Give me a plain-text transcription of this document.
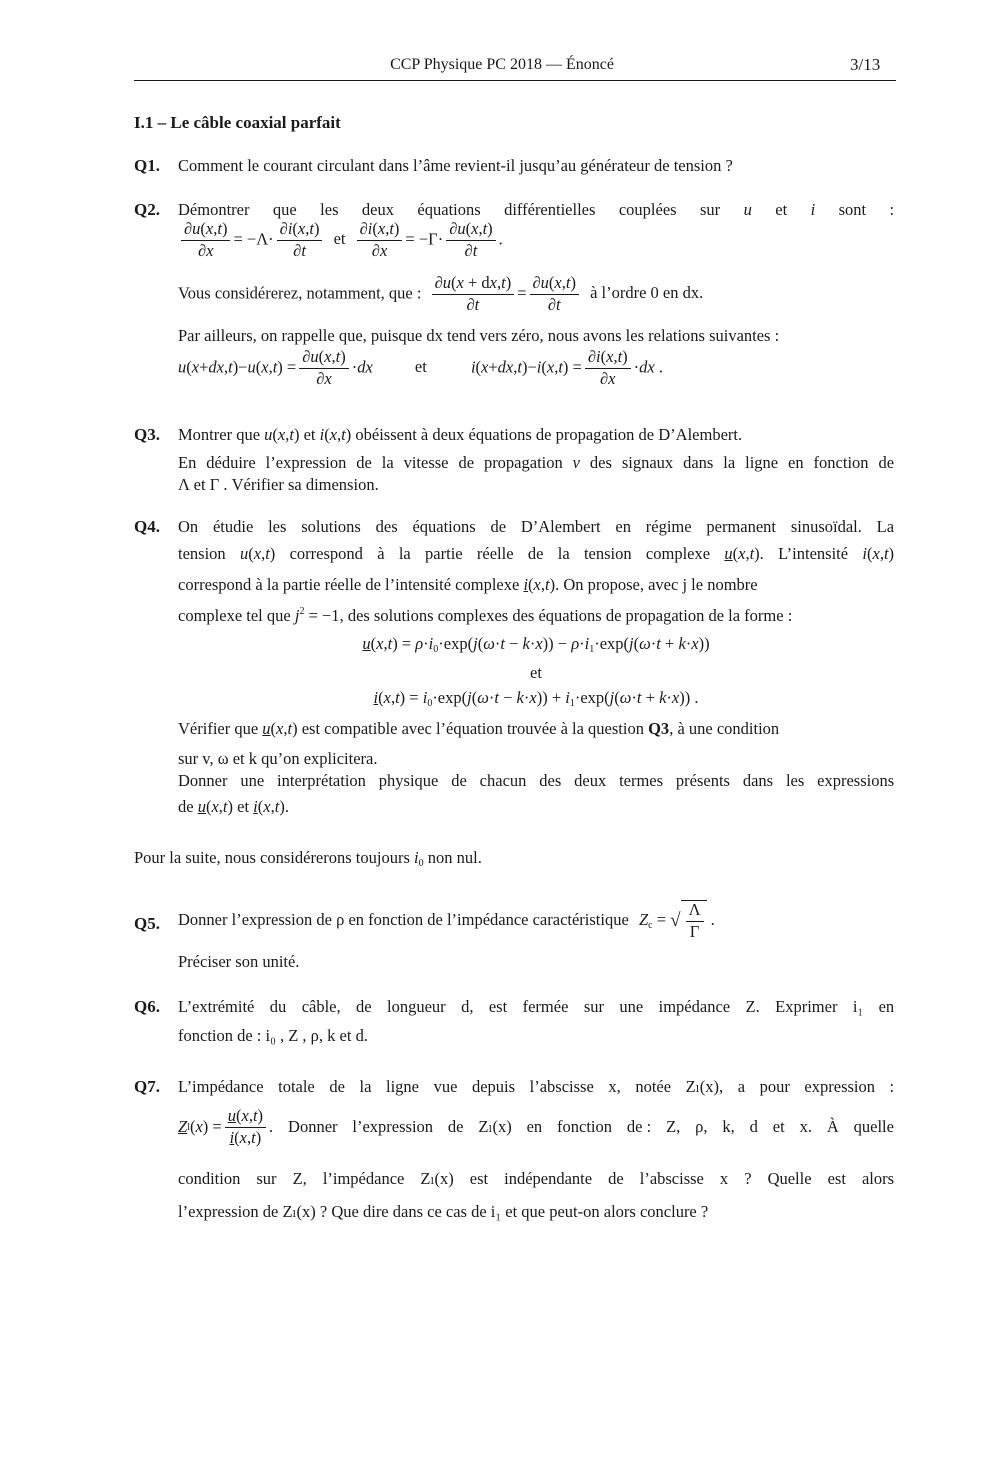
CCP Physique PC 2018 — Énoncé	3/13
I.1 – Le câble coaxial parfait
Q1. Comment le courant circulant dans l’âme revient-il jusqu’au générateur de tension ?
Q2. Démontrer que les deux équations différentielles couplées sur u et i sont :
$\frac{\partial u(x,t)}{\partial x} = -\Lambda\cdot \frac{\partial i(x,t)}{\partial t}$ et $\frac{\partial i(x,t)}{\partial x} = -\Gamma\cdot \frac{\partial u(x,t)}{\partial t}$ .
Vous considérerez, notamment, que : $\frac{\partial u(x + dx,t)}{\partial t} = \frac{\partial u(x,t)}{\partial t}$ à l’ordre 0 en dx.
Par ailleurs, on rappelle que, puisque dx tend vers zéro, nous avons les relations suivantes :
$u(x+dx,t)-u(x,t) = \frac{\partial u(x,t)}{\partial x} \cdot dx$	et	$i(x+dx,t)-i(x,t) = \frac{\partial i(x,t)}{\partial x} \cdot dx$ .
Q3. Montrer que u(x,t) et i(x,t) obéissent à deux équations de propagation de D’Alembert.
En déduire l’expression de la vitesse de propagation v des signaux dans la ligne en fonction de
Λ et Γ . Vérifier sa dimension.
Q4. On étudie les solutions des équations de D’Alembert en régime permanent sinusoïdal. La
tension u(x,t) correspond à la partie réelle de la tension complexe u(x,t). L’intensité i(x,t)
correspond à la partie réelle de l’intensité complexe i(x,t). On propose, avec j le nombre
complexe tel que $j^2 = -1$, des solutions complexes des équations de propagation de la forme :
$u(x,t) = \rho\cdot i_0\cdot\exp(j(\omega\cdot t - k\cdot x)) - \rho\cdot i_1\cdot\exp(j(\omega\cdot t + k\cdot x))$
et
$i(x,t) = i_0\cdot\exp(j(\omega\cdot t - k\cdot x)) + i_1\cdot\exp(j(\omega\cdot t + k\cdot x))$ .
Vérifier que u(x,t) est compatible avec l’équation trouvée à la question Q3, à une condition
sur v, ω et k qu’on explicitera.
Donner une interprétation physique de chacun des deux termes présents dans les expressions
de u(x,t) et i(x,t).
Pour la suite, nous considérerons toujours $i_0$ non nul.
Q5. Donner l’expression de ρ en fonction de l’impédance caractéristique $Z_c$ = √ $\frac{\Lambda}{\Gamma}$ .
Préciser son unité.
Q6. L’extrémité du câble, de longueur d, est fermée sur une impédance Z. Exprimer i₁ en
fonction de : i₀ , Z , ρ, k et d.
Q7. L’impédance totale de la ligne vue depuis l’abscisse x, notée Zₗ(x), a pour expression :
Z l ( x ) = $\frac{u(x,t)}{i(x,t)}$ . Donner l’expression de Zₗ(x) en fonction de : Z, ρ, k, d et x. À quelle
condition sur Z, l’impédance Zₗ(x) est indépendante de l’abscisse x ? Quelle est alors
l’expression de Zₗ(x) ? Que dire dans ce cas de i₁ et que peut-on alors conclure ?
